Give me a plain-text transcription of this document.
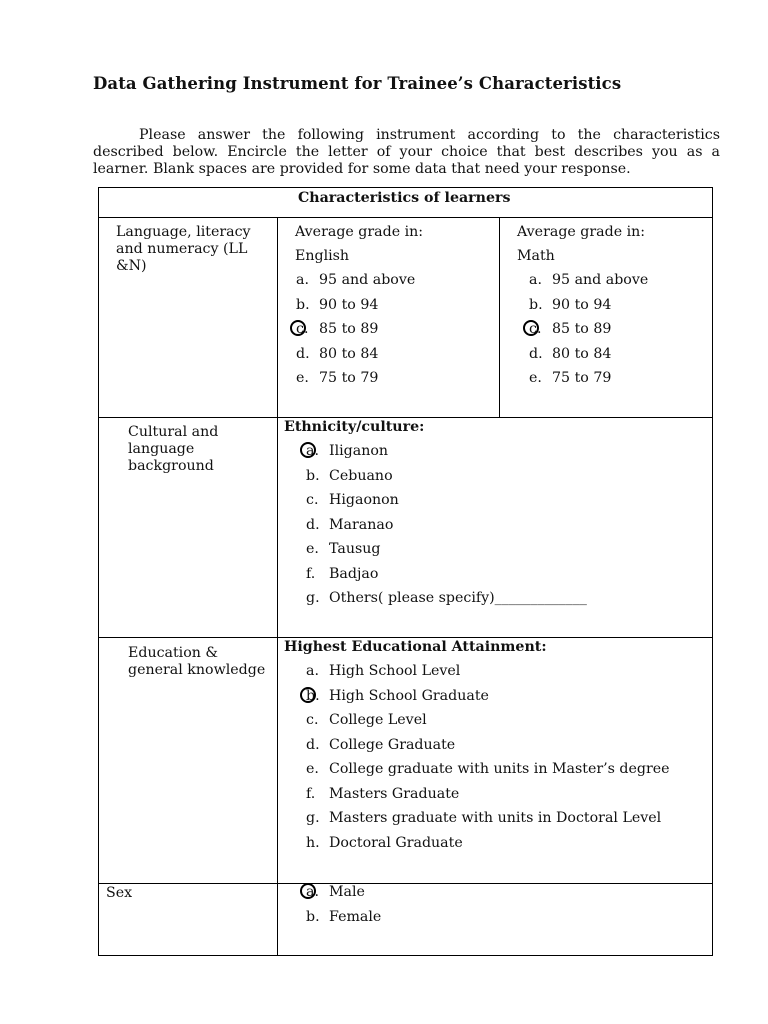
Data Gathering Instrument for Trainee’s Characteristics
Please answer the following instrument according to the characteristics described below. Encircle the letter of your choice that best describes you as a learner. Blank spaces are provided for some data that need your response.
Characteristics of learners
Language, literacy and numeracy (LL &N)
Average grade in:
English
a. 95 and above
b. 90 to 94
c. 85 to 89
d. 80 to 84
e. 75 to 79
Average grade in:
Math
a. 95 and above
b. 90 to 94
c. 85 to 89
d. 80 to 84
e. 75 to 79
Cultural and language background
Ethnicity/culture:
a. Iliganon
b. Cebuano
c. Higaonon
d. Maranao
e. Tausug
f. Badjao
g. Others( please specify)_____________
Education & general knowledge
Highest Educational Attainment:
a. High School Level
b. High School Graduate
c. College Level
d. College Graduate
e. College graduate with units in Master’s degree
f. Masters Graduate
g. Masters graduate with units in Doctoral Level
h. Doctoral Graduate
Sex	a. Male
b. Female
